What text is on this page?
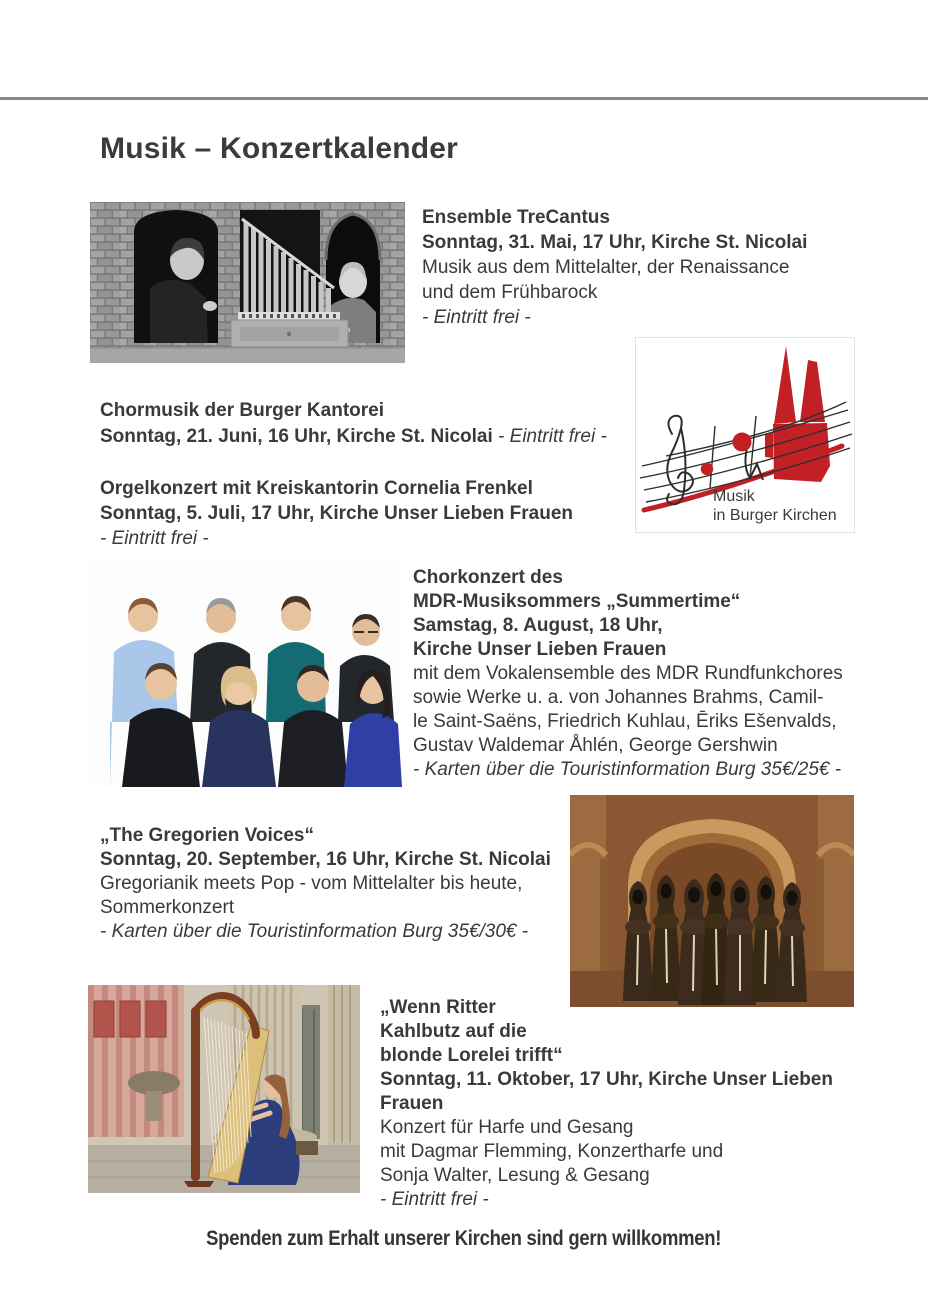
Musik – Konzertkalender
Ensemble TreCantus
Sonntag, 31. Mai, 17 Uhr, Kirche St. Nicolai
Musik aus dem Mittelalter, der Renaissance
und dem Frühbarock
- Eintritt frei -
Chormusik der Burger Kantorei
Sonntag, 21. Juni, 16 Uhr, Kirche St. Nicolai - Eintritt frei -
Orgelkonzert mit Kreiskantorin Cornelia Frenkel
Sonntag, 5. Juli, 17 Uhr, Kirche Unser Lieben Frauen
- Eintritt frei -
Musik
in Burger Kirchen
Chorkonzert des
MDR-Musiksommers „Summertime“
Samstag, 8. August, 18 Uhr,
Kirche Unser Lieben Frauen
mit dem Vokalensemble des MDR Rundfunkchores
sowie Werke u. a. von Johannes Brahms, Camil-
le Saint-Saëns, Friedrich Kuhlau, Ēriks Ešenvalds,
Gustav Waldemar Åhlén, George Gershwin
- Karten über die Touristinformation Burg 35€/25€ -
„The Gregorien Voices“
Sonntag, 20. September, 16 Uhr, Kirche St. Nicolai
Gregorianik meets Pop - vom Mittelalter bis heute,
Sommerkonzert
- Karten über die Touristinformation Burg 35€/30€ -
„Wenn Ritter
Kahlbutz auf die
blonde Lorelei trifft“
Sonntag, 11. Oktober, 17 Uhr, Kirche Unser Lieben
Frauen
Konzert für Harfe und Gesang
mit Dagmar Flemming, Konzertharfe und
Sonja Walter, Lesung & Gesang
- Eintritt frei -
Spenden zum Erhalt unserer Kirchen sind gern willkommen!
